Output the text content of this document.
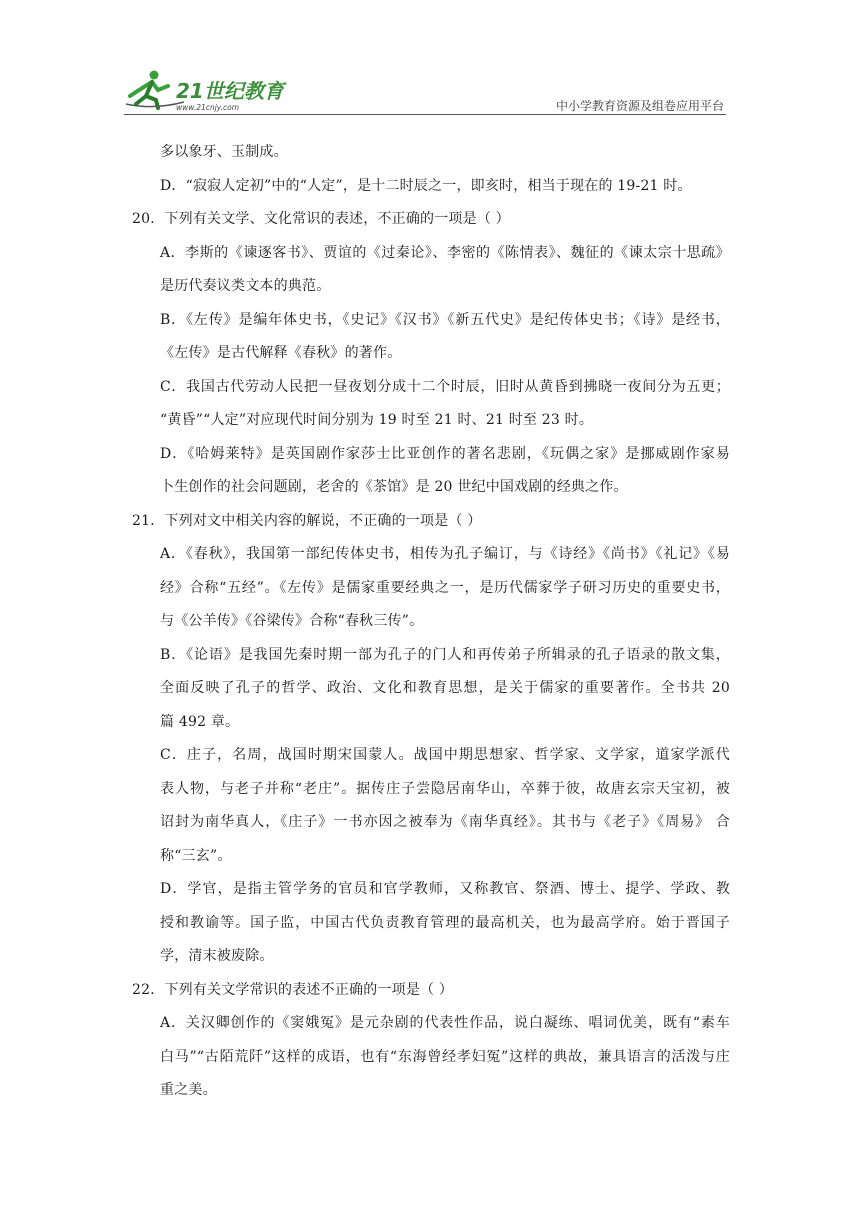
21世纪教育
www.21cnjy.com	中小学教育资源及组卷应用平台
多以象牙、玉制成。
D．“寂寂人定初”中的“人定”，是十二时辰之一，即亥时，相当于现在的 19-21 时。
20．下列有关文学、文化常识的表述，不正确的一项是（ ）
A．李斯的《谏逐客书》、贾谊的《过秦论》、李密的《陈情表》、魏征的《谏太宗十思疏》
是历代奏议类文本的典范。
B．《左传》是编年体史书，《史记》《汉书》《新五代史》是纪传体史书；《诗》是经书，
《左传》是古代解释《春秋》的著作。
C．我国古代劳动人民把一昼夜划分成十二个时辰，旧时从黄昏到拂晓一夜间分为五更；
“黄昏”“人定”对应现代时间分别为 19 时至 21 时、21 时至 23 时。
D．《哈姆莱特》是英国剧作家莎士比亚创作的著名悲剧，《玩偶之家》是挪威剧作家易
卜生创作的社会问题剧，老舍的《茶馆》是 20 世纪中国戏剧的经典之作。
21．下列对文中相关内容的解说，不正确的一项是（ ）
A．《春秋》，我国第一部纪传体史书，相传为孔子编订，与《诗经》《尚书》《礼记》《易
经》合称“五经”。《左传》是儒家重要经典之一，是历代儒家学子研习历史的重要史书，
与《公羊传》《谷梁传》合称“春秋三传”。
B．《论语》是我国先秦时期一部为孔子的门人和再传弟子所辑录的孔子语录的散文集，
全面反映了孔子的哲学、政治、文化和教育思想，是关于儒家的重要著作。全书共 20
篇 492 章。
C．庄子，名周，战国时期宋国蒙人。战国中期思想家、哲学家、文学家，道家学派代
表人物，与老子并称“老庄”。据传庄子尝隐居南华山，卒葬于彼，故唐玄宗天宝初，被
诏封为南华真人，《庄子》一书亦因之被奉为《南华真经》。其书与《老子》《周易》 合
称“三玄”。
D．学官，是指主管学务的官员和官学教师，又称教官、祭酒、博士、提学、学政、教
授和教谕等。国子监，中国古代负责教育管理的最高机关，也为最高学府。始于晋国子
学，清末被废除。
22．下列有关文学常识的表述不正确的一项是（ ）
A．关汉卿创作的《窦娥冤》是元杂剧的代表性作品，说白凝练、唱词优美，既有“素车
白马”“古陌荒阡”这样的成语，也有“东海曾经孝妇冤”这样的典故，兼具语言的活泼与庄
重之美。
